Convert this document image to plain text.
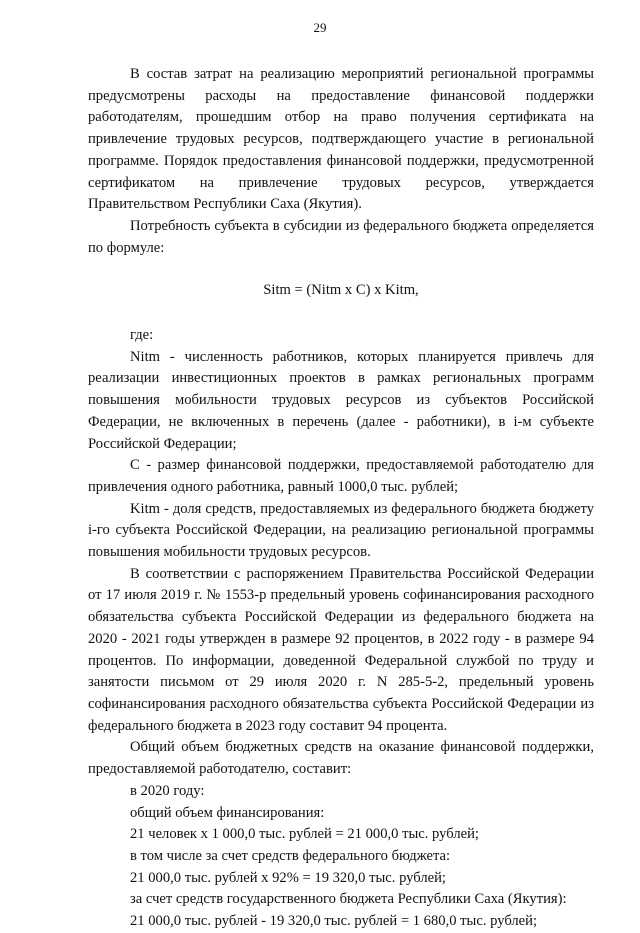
29

В состав затрат на реализацию мероприятий региональной программы предусмотрены расходы на предоставление финансовой поддержки работодателям, прошедшим отбор на право получения сертификата на привлечение трудовых ресурсов, подтверждающего участие в региональной программе. Порядок предоставления финансовой поддержки, предусмотренной сертификатом на привлечение трудовых ресурсов, утверждается Правительством Республики Саха (Якутия).

Потребность субъекта в субсидии из федерального бюджета определяется по формуле:

Sitm = (Nitm x C) x Kitm,

где:

Nitm - численность работников, которых планируется привлечь для реализации инвестиционных проектов в рамках региональных программ повышения мобильности трудовых ресурсов из субъектов Российской Федерации, не включенных в перечень (далее - работники), в i-м субъекте Российской Федерации;

С - размер финансовой поддержки, предоставляемой работодателю для привлечения одного работника, равный 1000,0 тыс. рублей;

Kitm - доля средств, предоставляемых из федерального бюджета бюджету i-го субъекта Российской Федерации, на реализацию региональной программы повышения мобильности трудовых ресурсов.

В соответствии с распоряжением Правительства Российской Федерации от 17 июля 2019 г. № 1553-р предельный уровень софинансирования расходного обязательства субъекта Российской Федерации из федерального бюджета на 2020 - 2021 годы утвержден в размере 92 процентов, в 2022 году - в размере 94 процентов. По информации, доведенной Федеральной службой по труду и занятости письмом от 29 июля 2020 г. N 285-5-2, предельный уровень софинансирования расходного обязательства субъекта Российской Федерации из федерального бюджета в 2023 году составит 94 процента.

Общий объем бюджетных средств на оказание финансовой поддержки, предоставляемой работодателю, составит:

в 2020 году:

общий объем финансирования:

21 человек x 1 000,0 тыс. рублей = 21 000,0 тыс. рублей;

в том числе за счет средств федерального бюджета:

21 000,0 тыс. рублей x 92% = 19 320,0 тыс. рублей;

за счет средств государственного бюджета Республики Саха (Якутия):

21 000,0 тыс. рублей - 19 320,0 тыс. рублей = 1 680,0 тыс. рублей;
